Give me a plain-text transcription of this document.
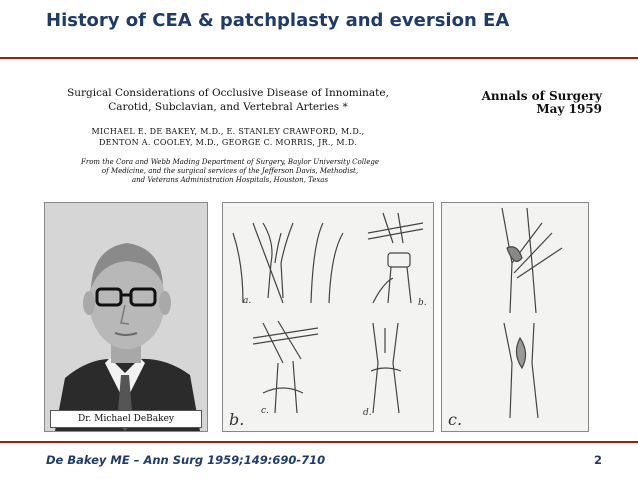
History of CEA & patchplasty and eversion EA
Surgical Considerations of Occlusive Disease of Innominate,
Carotid, Subclavian, and Vertebral Arteries *
MICHAEL E. DE BAKEY, M.D., E. STANLEY CRAWFORD, M.D.,
DENTON A. COOLEY, M.D., GEORGE C. MORRIS, JR., M.D.
From the Cora and Webb Mading Department of Surgery, Baylor University College
of Medicine, and the surgical services of the Jefferson Davis, Methodist,
and Veterans Administration Hospitals, Houston, Texas
Annals of Surgery
May 1959
Dr. Michael DeBakey
a.	b.
c.	d.
b.	c.
De Bakey ME – Ann Surg 1959;149:690-710	2
